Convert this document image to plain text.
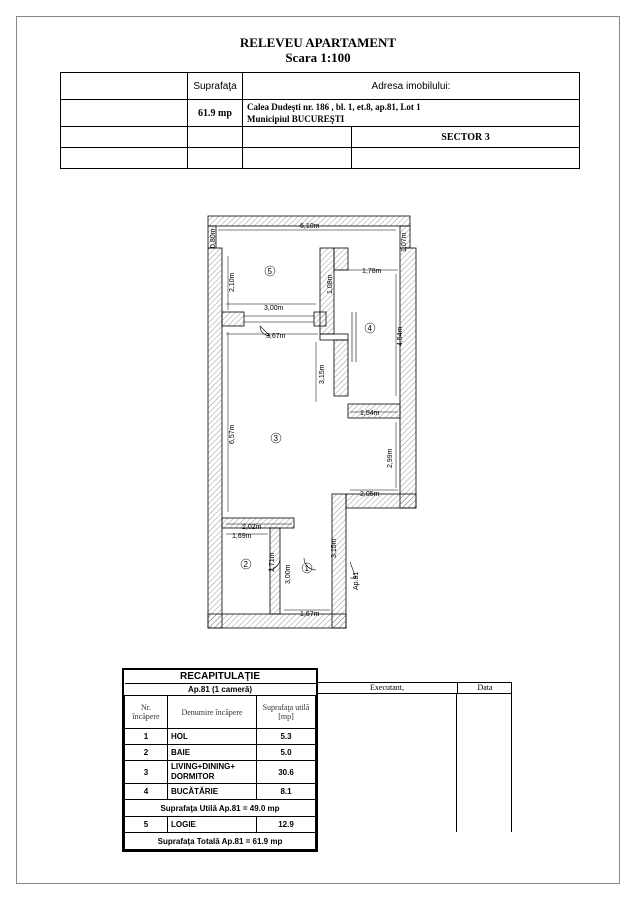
RELEVEU APARTAMENT
Scara 1:100
	Suprafaţa	Adresa imobilului:	
	61.9 mp	Calea Dudeşti nr. 186 , bl. 1, et.8, ap.81, Lot 1
Municipiul BUCUREŞTI	

			SECTOR 3

6,10m
0,80m	1,07m
2,10m
1,78m
1,08m
3,00m
3,67m	4,54m
3,15m
6,57m
1,54m
2,99m
2,05m
2,02m
1,69m
2,71m
3,00m
3,15m
1,67m
5
4
3
2	1
Ap.81
RECAPITULAŢIE		
Ap.81 (1 cameră)		
Nr. încăpere	Denumire încăpere	Suprafaţa utilă [mp]
1	HOL	5.3
2	BAIE	5.0
3	LIVING+DINING+ DORMITOR	30.6
4	BUCĂTĂRIE	8.1
Suprafaţa Utilă Ap.81 = 49.0 mp		
5	LOGIE	12.9
Suprafaţa Totală Ap.81 = 61.9 mp		
Executant,	Data
